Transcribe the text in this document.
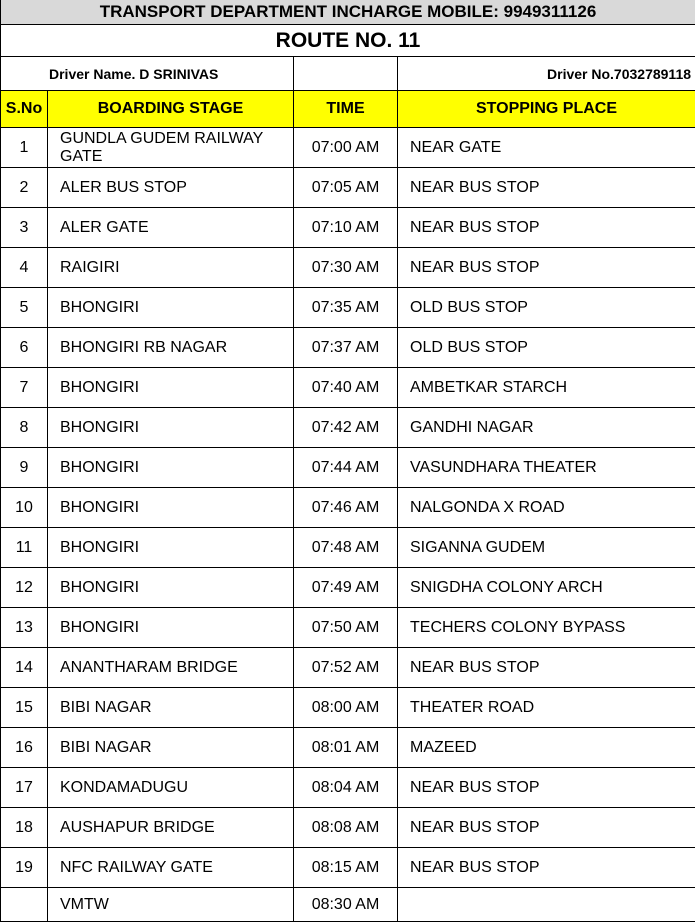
TRANSPORT DEPARTMENT INCHARGE MOBILE: 9949311126			
ROUTE NO. 11			
Driver Name. D SRINIVAS			Driver No.7032789118
S.No	BOARDING STAGE	TIME	STOPPING PLACE
1	GUNDLA GUDEM RAILWAY GATE	07:00 AM	NEAR GATE
2	ALER BUS STOP	07:05 AM	NEAR BUS STOP
3	ALER GATE	07:10 AM	NEAR BUS STOP
4	RAIGIRI	07:30 AM	NEAR BUS STOP
5	BHONGIRI	07:35 AM	OLD BUS STOP
6	BHONGIRI RB NAGAR	07:37 AM	OLD BUS STOP
7	BHONGIRI	07:40 AM	AMBETKAR STARCH
8	BHONGIRI	07:42 AM	GANDHI NAGAR
9	BHONGIRI	07:44 AM	VASUNDHARA THEATER
10	BHONGIRI	07:46 AM	NALGONDA X ROAD
11	BHONGIRI	07:48 AM	SIGANNA GUDEM
12	BHONGIRI	07:49 AM	SNIGDHA COLONY ARCH
13	BHONGIRI	07:50 AM	TECHERS COLONY BYPASS
14	ANANTHARAM BRIDGE	07:52 AM	NEAR BUS STOP
15	BIBI NAGAR	08:00 AM	THEATER ROAD
16	BIBI NAGAR	08:01 AM	MAZEED
17	KONDAMADUGU	08:04 AM	NEAR BUS STOP
18	AUSHAPUR BRIDGE	08:08 AM	NEAR BUS STOP
19	NFC RAILWAY GATE	08:15 AM	NEAR BUS STOP
	VMTW	08:30 AM	
